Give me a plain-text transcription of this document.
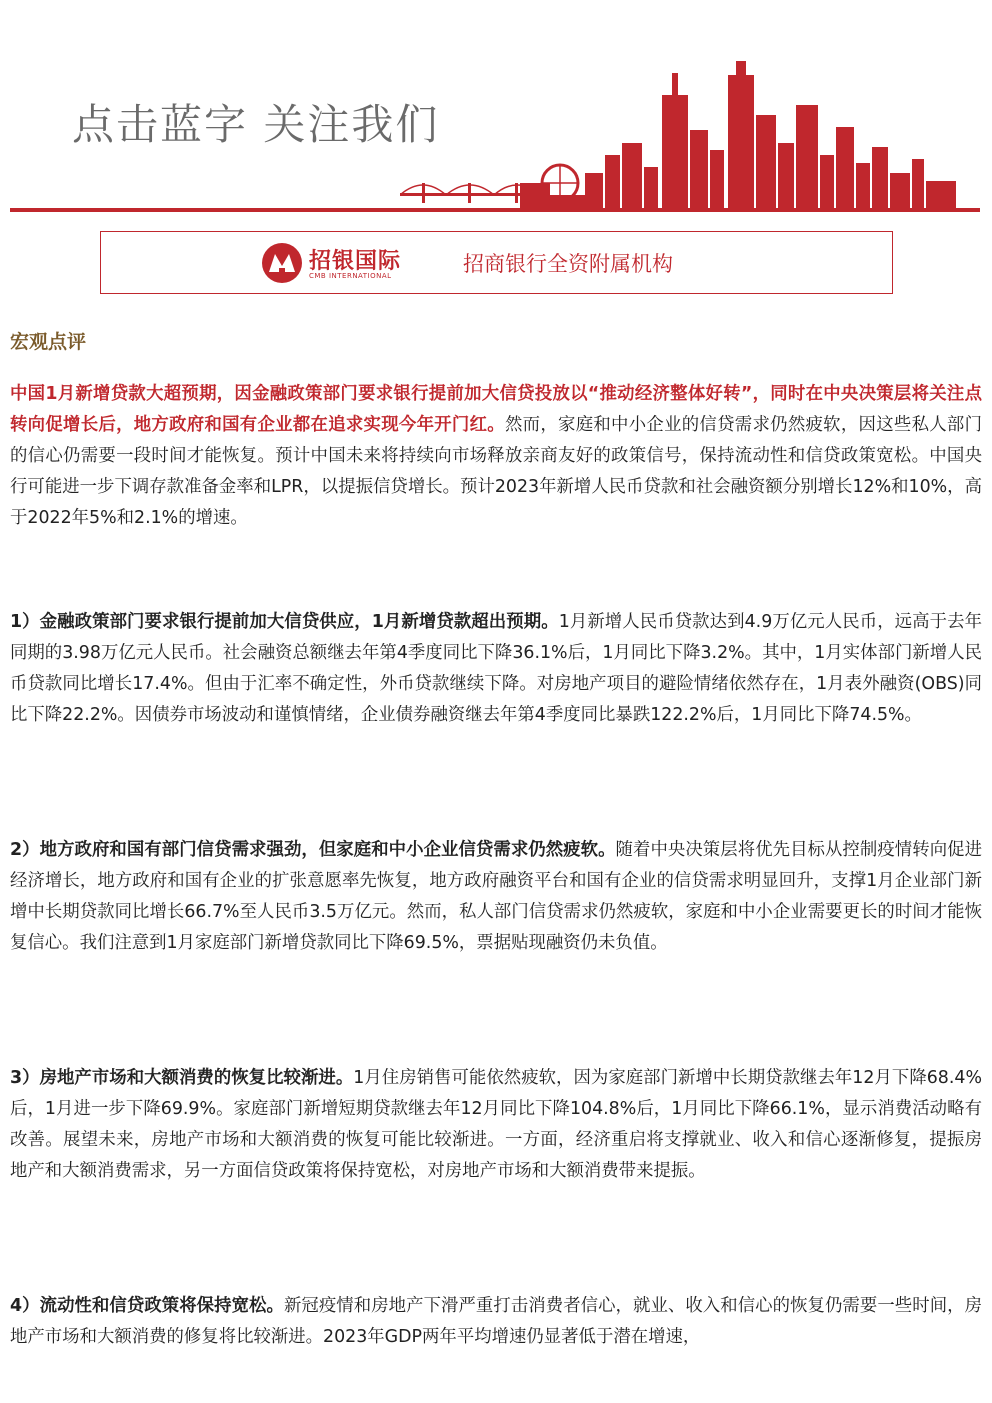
点击蓝字 关注我们
招银国际
CMB INTERNATIONAL	招商银行全资附属机构
宏观点评

中国1月新增贷款大超预期，因金融政策部门要求银行提前加大信贷投放以“推动经济整体好转”，同时在中央决策层将关注点转向促增长后，地方政府和国有企业都在追求实现今年开门红。然而，家庭和中小企业的信贷需求仍然疲软，因这些私人部门的信心仍需要一段时间才能恢复。预计中国未来将持续向市场释放亲商友好的政策信号，保持流动性和信贷政策宽松。中国央行可能进一步下调存款准备金率和LPR，以提振信贷增长。预计2023年新增人民币贷款和社会融资额分别增长12%和10%，高于2022年5%和2.1%的增速。

1）金融政策部门要求银行提前加大信贷供应，1月新增贷款超出预期。1月新增人民币贷款达到4.9万亿元人民币，远高于去年同期的3.98万亿元人民币。社会融资总额继去年第4季度同比下降36.1%后，1月同比下降3.2%。其中，1月实体部门新增人民币贷款同比增长17.4%。但由于汇率不确定性，外币贷款继续下降。对房地产项目的避险情绪依然存在，1月表外融资(OBS)同比下降22.2%。因债券市场波动和谨慎情绪，企业债券融资继去年第4季度同比暴跌122.2%后，1月同比下降74.5%。

2）地方政府和国有部门信贷需求强劲，但家庭和中小企业信贷需求仍然疲软。随着中央决策层将优先目标从控制疫情转向促进经济增长，地方政府和国有企业的扩张意愿率先恢复，地方政府融资平台和国有企业的信贷需求明显回升，支撑1月企业部门新增中长期贷款同比增长66.7%至人民币3.5万亿元。然而，私人部门信贷需求仍然疲软，家庭和中小企业需要更长的时间才能恢复信心。我们注意到1月家庭部门新增贷款同比下降69.5%，票据贴现融资仍未负值。

3）房地产市场和大额消费的恢复比较渐进。1月住房销售可能依然疲软，因为家庭部门新增中长期贷款继去年12月下降68.4%后，1月进一步下降69.9%。家庭部门新增短期贷款继去年12月同比下降104.8%后，1月同比下降66.1%，显示消费活动略有改善。展望未来，房地产市场和大额消费的恢复可能比较渐进。一方面，经济重启将支撑就业、收入和信心逐渐修复，提振房地产和大额消费需求，另一方面信贷政策将保持宽松，对房地产市场和大额消费带来提振。

4）流动性和信贷政策将保持宽松。新冠疫情和房地产下滑严重打击消费者信心，就业、收入和信心的恢复仍需要一些时间，房地产市场和大额消费的修复将比较渐进。2023年GDP两年平均增速仍显著低于潜在增速，
